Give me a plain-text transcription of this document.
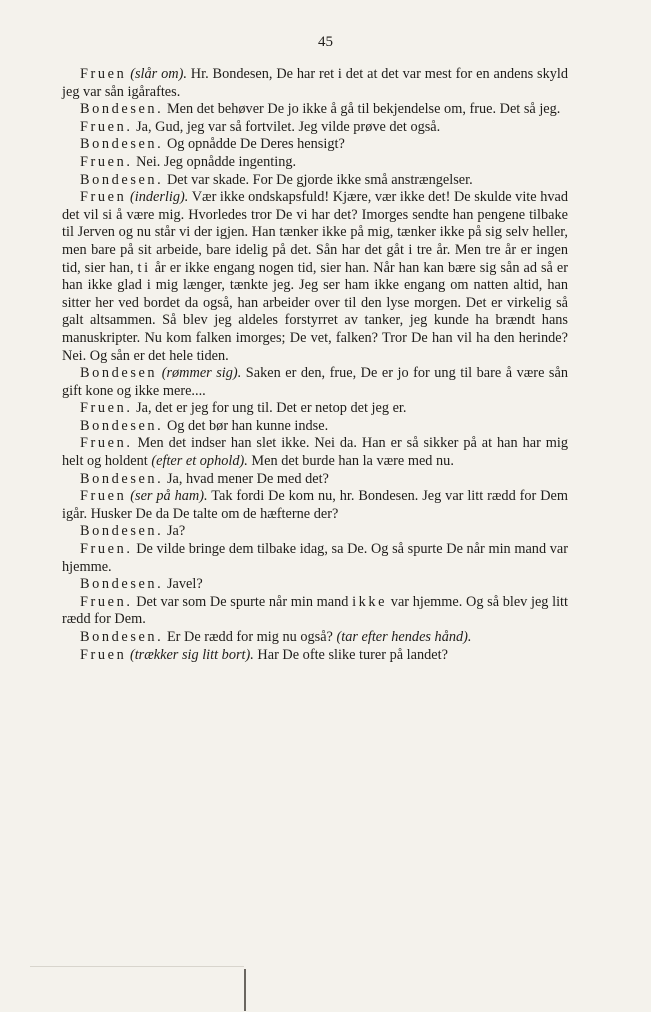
45

Fruen (slår om). Hr. Bondesen, De har ret i det at det var mest for en andens skyld jeg var sån igåraftes.

Bondesen. Men det behøver De jo ikke å gå til bekjendelse om, frue. Det så jeg.

Fruen. Ja, Gud, jeg var så fortvilet. Jeg vilde prøve det også.

Bondesen. Og opnådde De Deres hensigt?

Fruen. Nei. Jeg opnådde ingenting.

Bondesen. Det var skade. For De gjorde ikke små anstrængelser.

Fruen (inderlig). Vær ikke ondskapsfuld! Kjære, vær ikke det! De skulde vite hvad det vil si å være mig. Hvorledes tror De vi har det? Imorges sendte han pengene tilbake til Jerven og nu står vi der igjen. Han tænker ikke på mig, tænker ikke på sig selv heller, men bare på sit arbeide, bare idelig på det. Sån har det gåt i tre år. Men tre år er ingen tid, sier han, ti år er ikke engang nogen tid, sier han. Når han kan bære sig sån ad så er han ikke glad i mig længer, tænkte jeg. Jeg ser ham ikke engang om natten altid, han sitter her ved bordet da også, han arbeider over til den lyse morgen. Det er virkelig så galt altsammen. Så blev jeg aldeles forstyrret av tanker, jeg kunde ha brændt hans manuskripter. Nu kom falken imorges; De vet, falken? Tror De han vil ha den herinde? Nei. Og sån er det hele tiden.

Bondesen (rømmer sig). Saken er den, frue, De er jo for ung til bare å være sån gift kone og ikke mere....

Fruen. Ja, det er jeg for ung til. Det er netop det jeg er.

Bondesen. Og det bør han kunne indse.

Fruen. Men det indser han slet ikke. Nei da. Han er så sikker på at han har mig helt og holdent (efter et ophold). Men det burde han la være med nu.

Bondesen. Ja, hvad mener De med det?

Fruen (ser på ham). Tak fordi De kom nu, hr. Bondesen. Jeg var litt rædd for Dem igår. Husker De da De talte om de hæfterne der?

Bondesen. Ja?

Fruen. De vilde bringe dem tilbake idag, sa De. Og så spurte De når min mand var hjemme.

Bondesen. Javel?

Fruen. Det var som De spurte når min mand ikke var hjemme. Og så blev jeg litt rædd for Dem.

Bondesen. Er De rædd for mig nu også? (tar efter hendes hånd).

Fruen (trækker sig litt bort). Har De ofte slike turer på landet?
